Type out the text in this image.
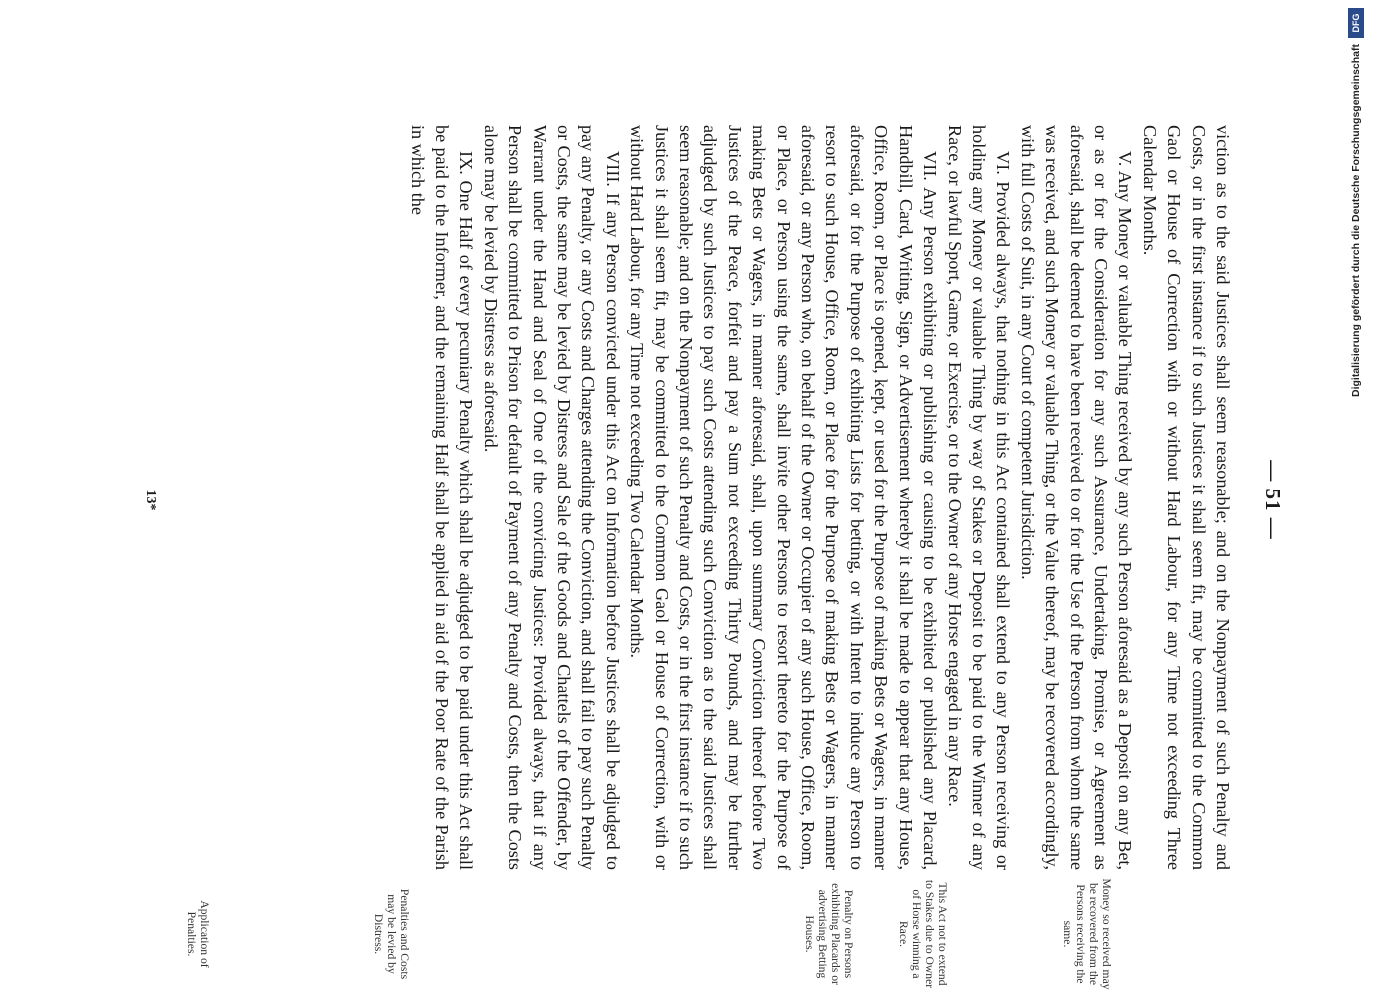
— 51 —

viction as to the said Justices shall seem reasonable; and on the Nonpayment of such Penalty and Costs, or in the first instance if to such Justices it shall seem fit, may be committed to the Common Gaol or House of Correction with or without Hard Labour, for any Time not exceeding Three Calendar Months.

V. Any Money or valuable Thing received by any such Person aforesaid as a Deposit on any Bet, or as or for the Consideration for any such Assurance, Undertaking, Promise, or Agreement as aforesaid, shall be deemed to have been received to or for the Use of the Person from whom the same was received, and such Money or valuable Thing, or the Value thereof, may be recovered accordingly, with full Costs of Suit, in any Court of competent Jurisdiction.

VI. Provided always, that nothing in this Act contained shall extend to any Person receiving or holding any Money or valuable Thing by way of Stakes or Deposit to be paid to the Winner of any Race, or lawful Sport, Game, or Exercise, or to the Owner of any Horse engaged in any Race.

VII. Any Person exhibiting or publishing or causing to be exhibited or published any Placard, Handbill, Card, Writing, Sign, or Advertisement whereby it shall be made to appear that any House, Office, Room, or Place is opened, kept, or used for the Purpose of making Bets or Wagers, in manner aforesaid, or for the Purpose of exhibiting Lists for betting, or with Intent to induce any Person to resort to such House, Office, Room, or Place for the Purpose of making Bets or Wagers, in manner aforesaid, or any Person who, on behalf of the Owner or Occupier of any such House, Office, Room, or Place, or Person using the same, shall invite other Persons to resort thereto for the Purpose of making Bets or Wagers, in manner aforesaid, shall, upon summary Conviction thereof before Two Justices of the Peace, forfeit and pay a Sum not exceeding Thirty Pounds, and may be further adjudged by such Justices to pay such Costs attending such Conviction as to the said Justices shall seem reasonable; and on the Nonpayment of such Penalty and Costs, or in the first instance if to such Justices it shall seem fit, may be committed to the Common Gaol or House of Correction, with or without Hard Labour, for any Time not exceeding Two Calendar Months.

VIII. If any Person convicted under this Act on Information before Justices shall be adjudged to pay any Penalty, or any Costs and Charges attending the Conviction, and shall fail to pay such Penalty or Costs, the same may be levied by Distress and Sale of the Goods and Chattels of the Offender, by Warrant under the Hand and Seal of One of the convicting Justices: Provided always, that if any Person shall be committed to Prison for default of Payment of any Penalty and Costs, then the Costs alone may be levied by Distress as aforesaid.

IX. One Half of every pecuniary Penalty which shall be adjudged to be paid under this Act shall be paid to the Informer, and the remaining Half shall be applied in aid of the Poor Rate of the Parish in which the

Money so received may be recovered from the Persons receiving the same.
This Act not to extend to Stakes due to Owner of Horse winning a Race.
Penalty on Persons exhibiting Placards or advertising Betting Houses.
Penalties and Costs may be levied by Distress.
Application of Penalties.
13*
DFG
Digitalisierung gefördert durch die Deutsche Forschungsgemeinschaft
